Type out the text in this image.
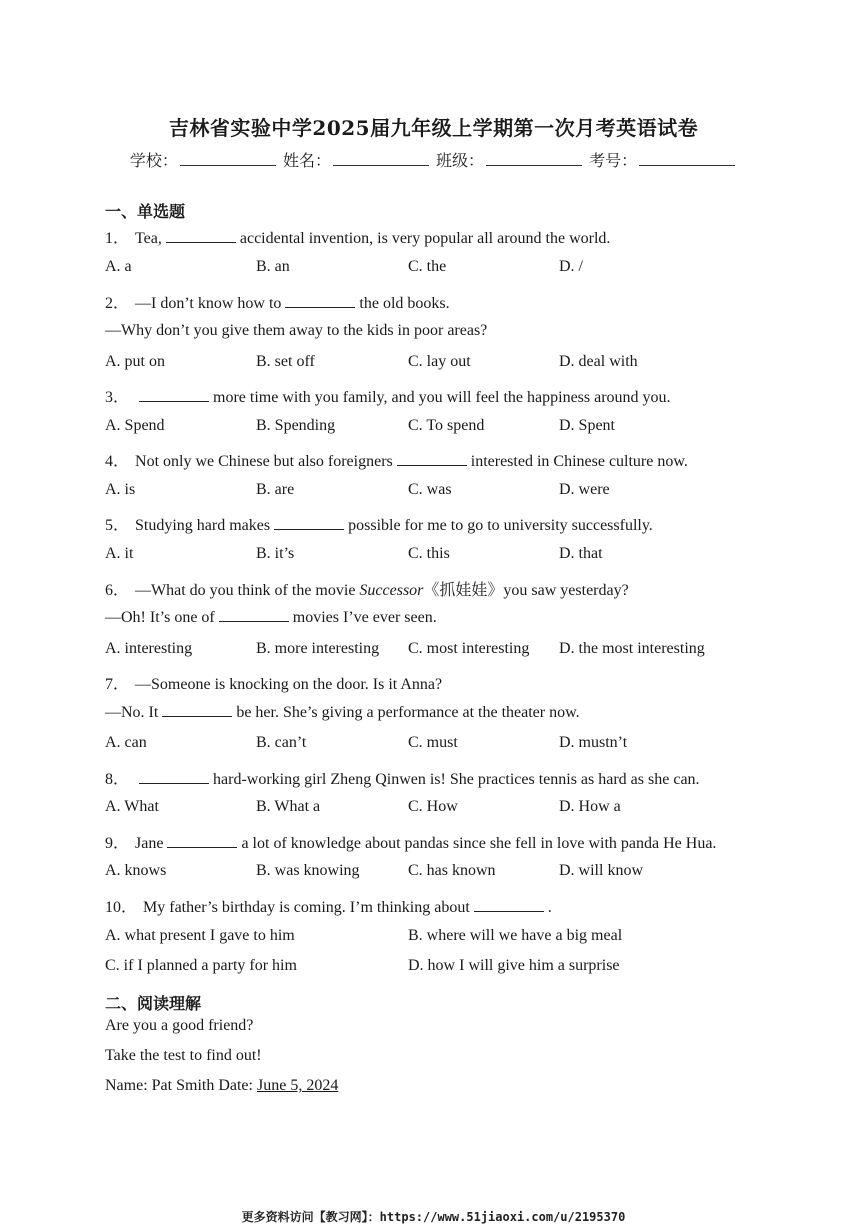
吉林省实验中学2025届九年级上学期第一次月考英语试卷
学校：	姓名：	班级：	考号：
一、单选题
1． Tea,	accidental invention, is very popular all around the world.
A. a	B. an	C. the	D. /
2． —I don’t know how to	the old books.
—Why don’t you give them away to the kids in poor areas?
A. put on	B. set off	C. lay out	D. deal with
3．	more time with you family, and you will feel the happiness around you.
A. Spend	B. Spending	C. To spend	D. Spent
4． Not only we Chinese but also foreigners	interested in Chinese culture now.
A. is	B. are	C. was	D. were
5． Studying hard makes	possible for me to go to university successfully.
A. it	B. it’s	C. this	D. that
6． —What do you think of the movie Successor《抓娃娃》you saw yesterday?
—Oh! It’s one of	movies I’ve ever seen.
A. interesting	B. more interesting C. most interesting D. the most interesting
7． —Someone is knocking on the door. Is it Anna?
—No. It	be her. She’s giving a performance at the theater now.
A. can	B. can’t	C. must	D. mustn’t
8．	hard-working girl Zheng Qinwen is! She practices tennis as hard as she can.
A. What	B. What a	C. How	D. How a
9． Jane	a lot of knowledge about pandas since she fell in love with panda He Hua.
A. knows	B. was knowing	C. has known	D. will know
10． My father’s birthday is coming. I’m thinking about	.
A. what present I gave to him	B. where will we have a big meal
C. if I planned a party for him	D. how I will give him a surprise
二、阅读理解
Are you a good friend?
Take the test to find out!
Name: Pat Smith Date: June 5, 2024
更多资料访问【教习网】：https://www.51jiaoxi.com/u/2195370
